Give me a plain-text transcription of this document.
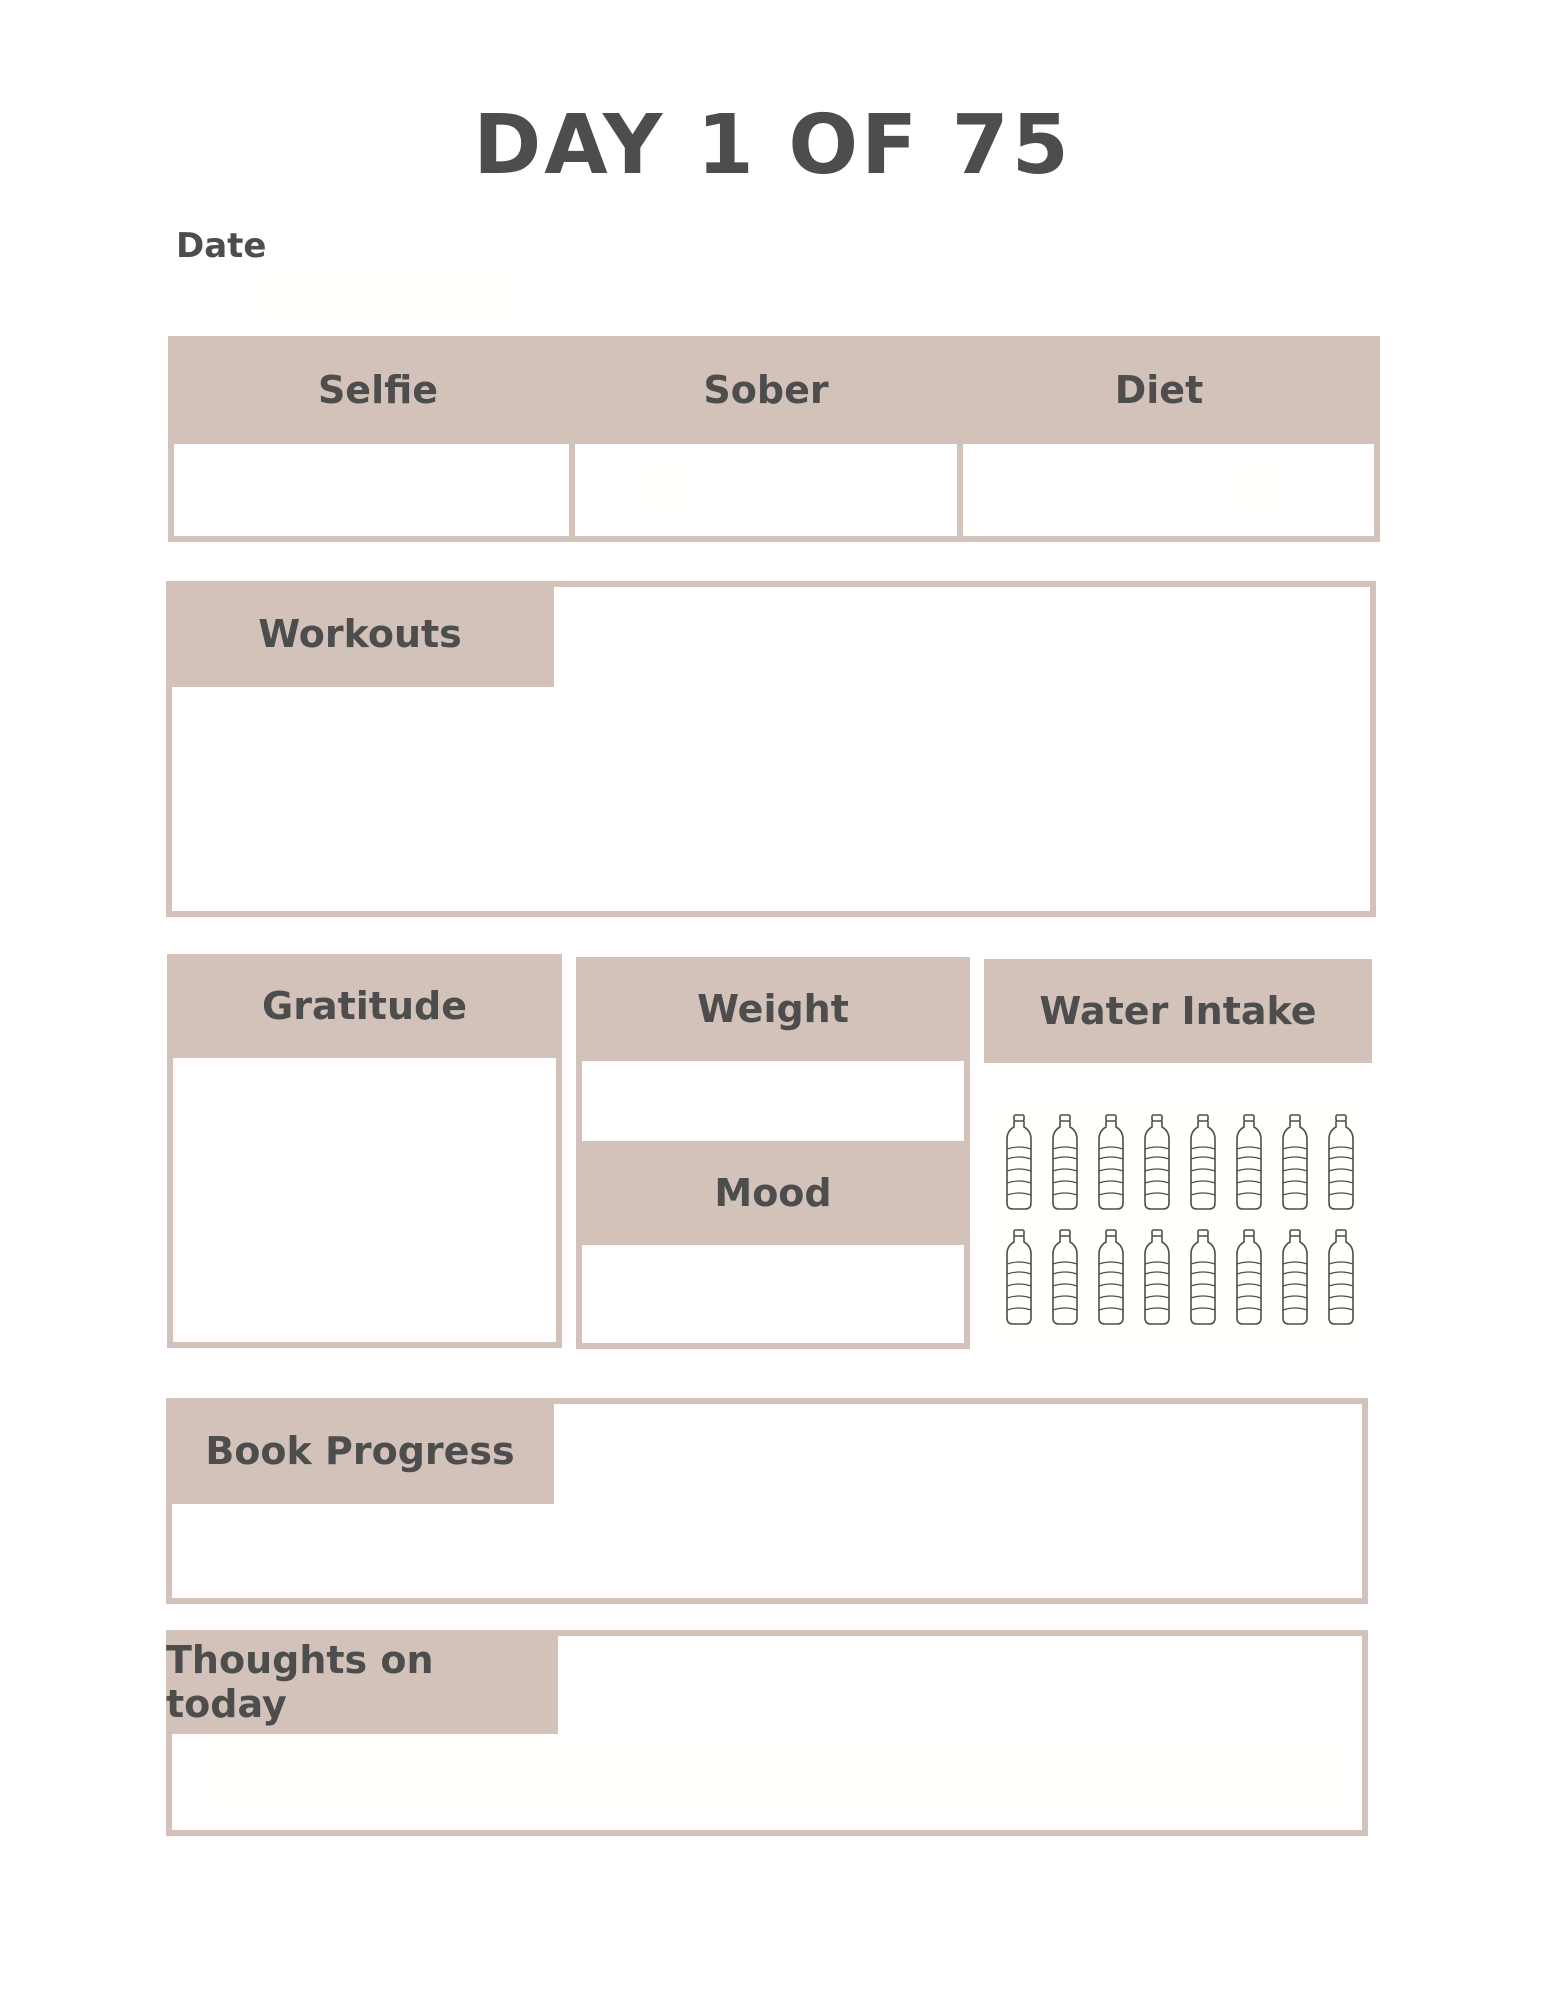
DAY 1 OF 75
Date
Selfie	Sober	Diet
Workouts
Gratitude	Weight
Mood
Water Intake
Book Progress
Thoughts on today
